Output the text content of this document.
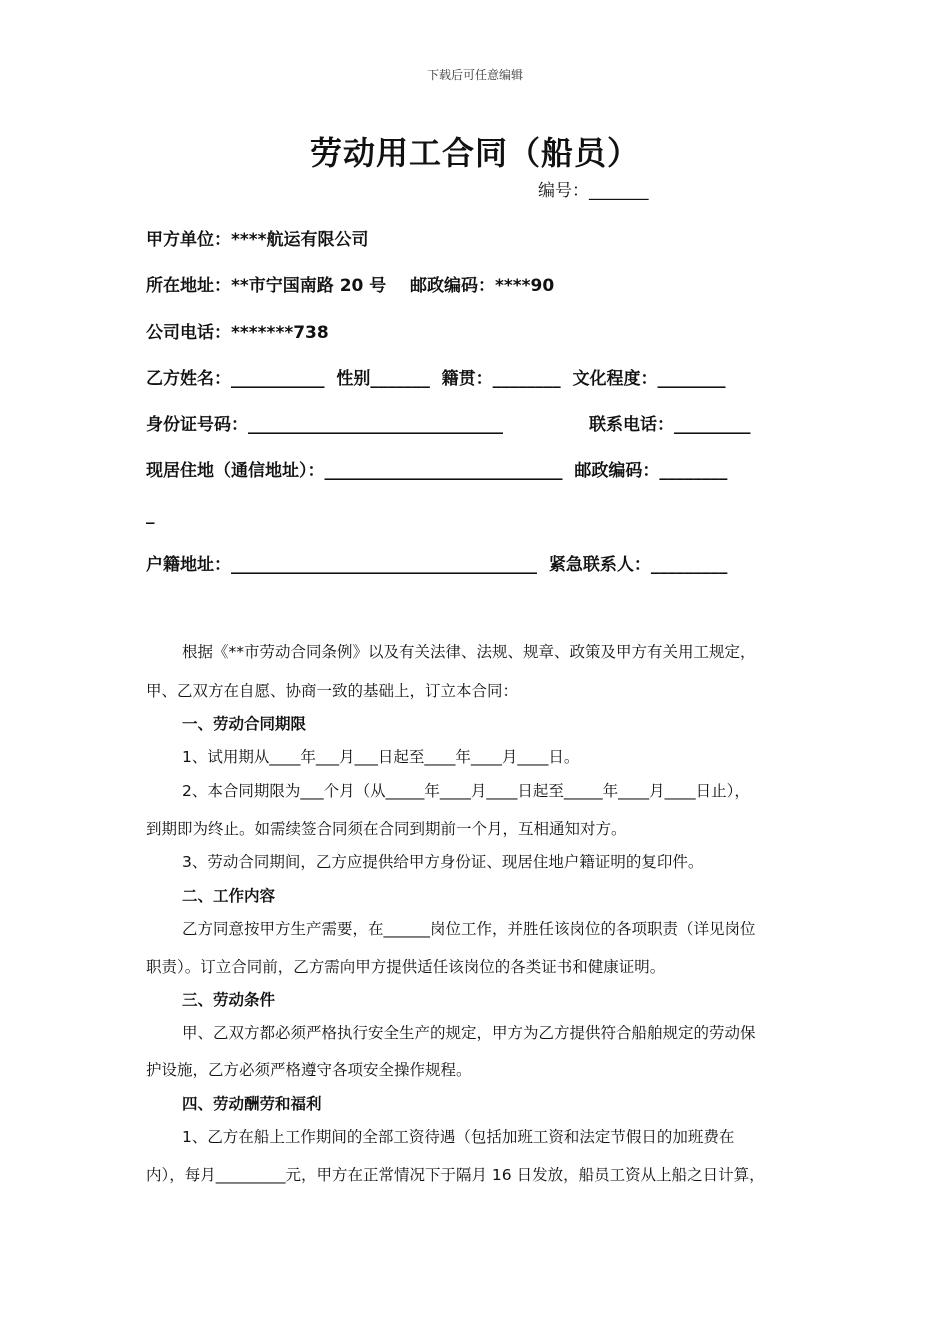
下载后可任意编辑
劳动用工合同（船员）
编号：_______
甲方单位：****航运有限公司
所在地址：**市宁国南路 20 号    邮政编码：****90
公司电话：*******738
乙方姓名：___________  性别_______  籍贯：________  文化程度：________
身份证号码：______________________________	联系电话：_________
现居住地（通信地址）：____________________________  邮政编码：________
_
户籍地址：____________________________________  紧急联系人：_________
根据《**市劳动合同条例》以及有关法律、法规、规章、政策及甲方有关用工规定，
甲、乙双方在自愿、协商一致的基础上，订立本合同：
一、劳动合同期限
1、试用期从____年___月___日起至____年____月____日。
2、本合同期限为___个月（从_____年____月____日起至_____年____月____日止），
到期即为终止。如需续签合同须在合同到期前一个月，互相通知对方。
3、劳动合同期间，乙方应提供给甲方身份证、现居住地户籍证明的复印件。
二、工作内容
乙方同意按甲方生产需要，在______岗位工作，并胜任该岗位的各项职责（详见岗位
职责）。订立合同前，乙方需向甲方提供适任该岗位的各类证书和健康证明。
三、劳动条件
甲、乙双方都必须严格执行安全生产的规定，甲方为乙方提供符合船舶规定的劳动保
护设施，乙方必须严格遵守各项安全操作规程。
四、劳动酬劳和福利
1、乙方在船上工作期间的全部工资待遇（包括加班工资和法定节假日的加班费在
内），每月_________元，甲方在正常情况下于隔月 16 日发放，船员工资从上船之日计算，
